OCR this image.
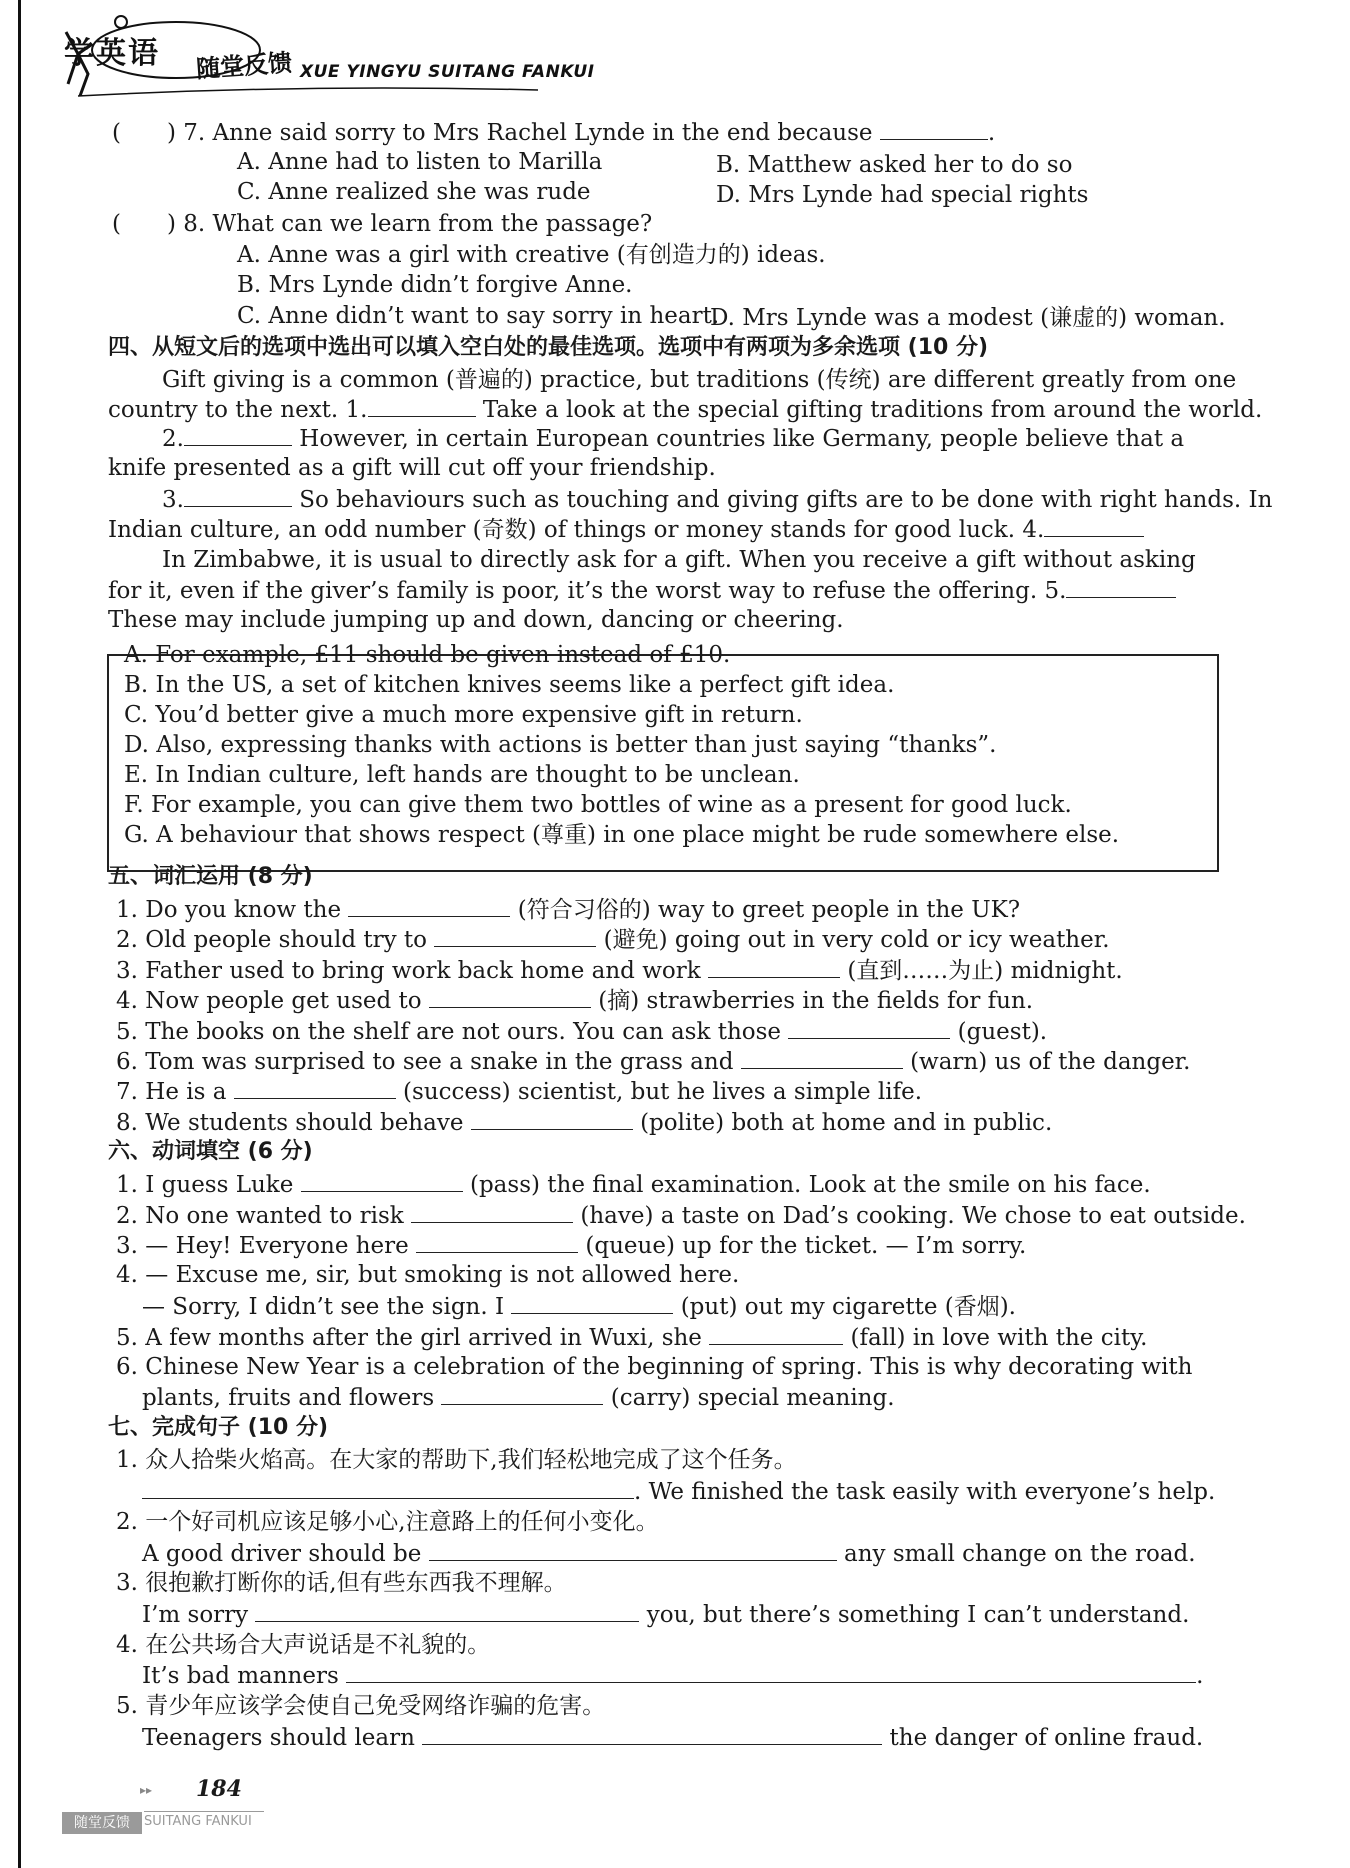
学英语 随堂反馈 XUE YINGYU SUITANG FANKUI
(　　) 7. Anne said sorry to Mrs Rachel Lynde in the end because	.
A. Anne had to listen to Marilla	B. Matthew asked her to do so
C. Anne realized she was rude	D. Mrs Lynde had special rights
(　　) 8. What can we learn from the passage?
A. Anne was a girl with creative (有创造力的) ideas.
B. Mrs Lynde didn’t forgive Anne.
C. Anne didn’t want to say sorry in heart.
D. Mrs Lynde was a modest (谦虚的) woman.
四、从短文后的选项中选出可以填入空白处的最佳选项。选项中有两项为多余选项 (10 分)
Gift giving is a common (普遍的) practice, but traditions (传统) are different greatly from one
country to the next. 1.	Take a look at the special gifting traditions from around the world.
2.	However, in certain European countries like Germany, people believe that a
knife presented as a gift will cut off your friendship.
3.	So behaviours such as touching and giving gifts are to be done with right hands. In
Indian culture, an odd number (奇数) of things or money stands for good luck. 4.
In Zimbabwe, it is usual to directly ask for a gift. When you receive a gift without asking
for it, even if the giver’s family is poor, it’s the worst way to refuse the offering. 5.
These may include jumping up and down, dancing or cheering.
A. For example, £11 should be given instead of £10.
B. In the US, a set of kitchen knives seems like a perfect gift idea.
C. You’d better give a much more expensive gift in return.
D. Also, expressing thanks with actions is better than just saying “thanks”.
E. In Indian culture, left hands are thought to be unclean.
F. For example, you can give them two bottles of wine as a present for good luck.
G. A behaviour that shows respect (尊重) in one place might be rude somewhere else.
五、词汇运用 (8 分)
1. Do you know the	(符合习俗的) way to greet people in the UK?
2. Old people should try to	(避免) going out in very cold or icy weather.
3. Father used to bring work back home and work	(直到……为止) midnight.
4. Now people get used to	(摘) strawberries in the fields for fun.
5. The books on the shelf are not ours. You can ask those	(guest).
6. Tom was surprised to see a snake in the grass and	(warn) us of the danger.
7. He is a	(success) scientist, but he lives a simple life.
8. We students should behave	(polite) both at home and in public.
六、动词填空 (6 分)
1. I guess Luke	(pass) the final examination. Look at the smile on his face.
2. No one wanted to risk	(have) a taste on Dad’s cooking. We chose to eat outside.
3. — Hey! Everyone here	(queue) up for the ticket. — I’m sorry.
4. — Excuse me, sir, but smoking is not allowed here.
— Sorry, I didn’t see the sign. I	(put) out my cigarette (香烟).
5. A few months after the girl arrived in Wuxi, she	(fall) in love with the city.
6. Chinese New Year is a celebration of the beginning of spring. This is why decorating with
plants, fruits and flowers	(carry) special meaning.
七、完成句子 (10 分)
1. 众人拾柴火焰高。在大家的帮助下,我们轻松地完成了这个任务。
. We finished the task easily with everyone’s help.
2. 一个好司机应该足够小心,注意路上的任何小变化。
A good driver should be	any small change on the road.
3. 很抱歉打断你的话,但有些东西我不理解。
I’m sorry	you, but there’s something I can’t understand.
4. 在公共场合大声说话是不礼貌的。
It’s bad manners	.
5. 青少年应该学会使自己免受网络诈骗的危害。
Teenagers should learn	the danger of online fraud.
▸▸ 184
随堂反馈	SUITANG FANKUI
